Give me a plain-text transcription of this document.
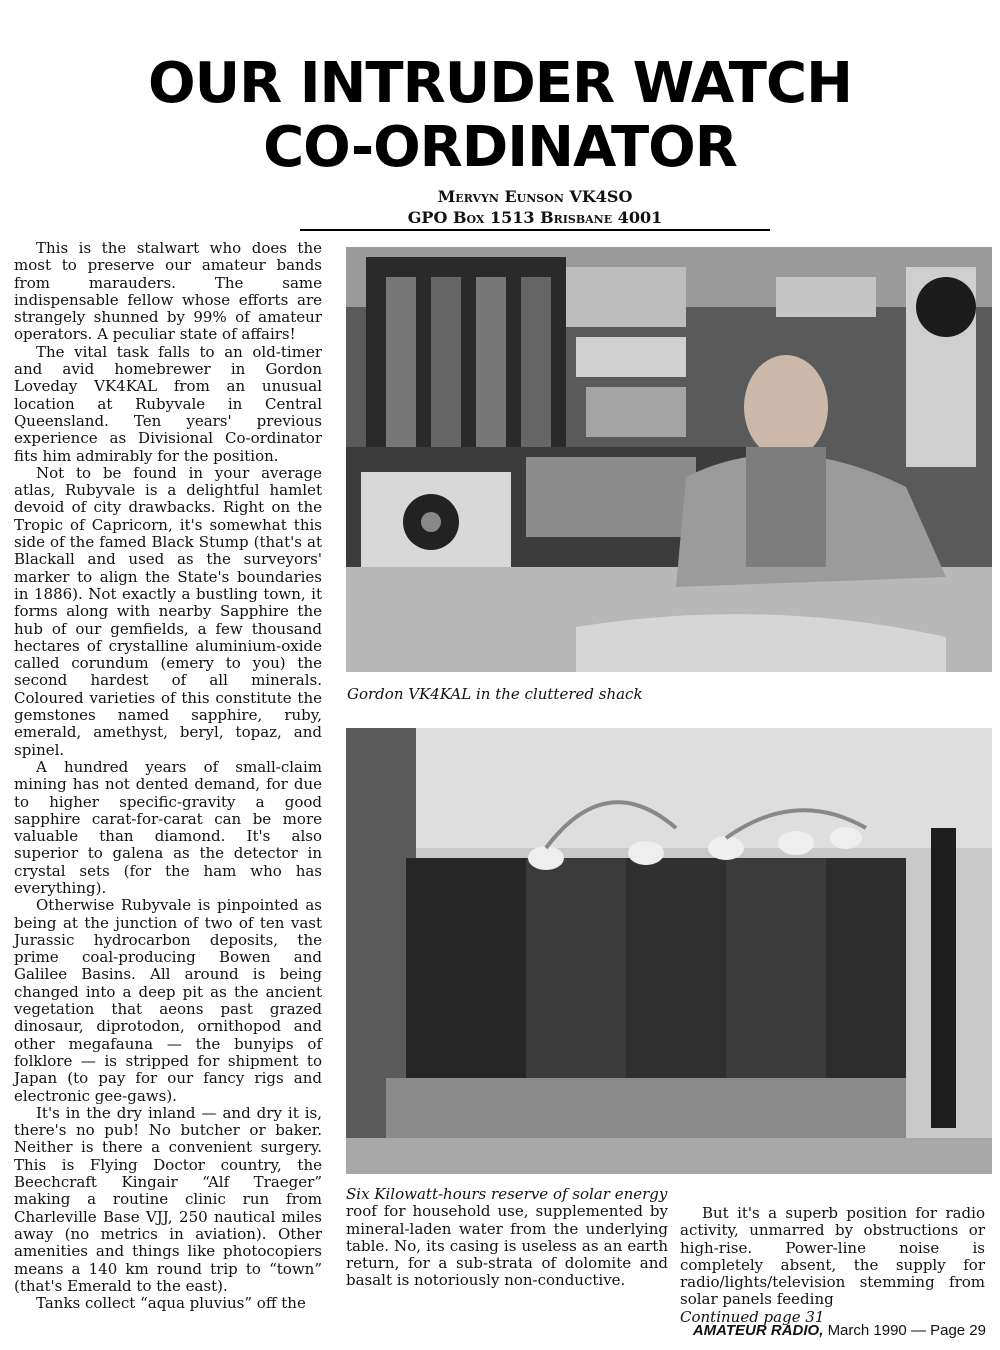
OUR INTRUDER WATCH
CO-ORDINATOR
Mervyn Eunson VK4SO
GPO Box 1513 Brisbane 4001

This is the stalwart who does the most to preserve our amateur bands from marauders. The same indispensable fellow whose efforts are strangely shunned by 99% of amateur operators. A peculiar state of affairs!

The vital task falls to an old-timer and avid homebrewer in Gordon Loveday VK4KAL from an unusual location at Rubyvale in Central Queensland. Ten years' previous experience as Divisional Co-ordinator fits him admirably for the position.

Not to be found in your average atlas, Rubyvale is a delightful hamlet devoid of city drawbacks. Right on the Tropic of Capricorn, it's somewhat this side of the famed Black Stump (that's at Blackall and used as the surveyors' marker to align the State's boundaries in 1886). Not exactly a bustling town, it forms along with nearby Sapphire the hub of our gemfields, a few thousand hectares of crystalline aluminium-oxide called corundum (emery to you) the second hardest of all minerals. Coloured varieties of this constitute the gemstones named sapphire, ruby, emerald, amethyst, beryl, topaz, and spinel.

A hundred years of small-claim mining has not dented demand, for due to higher specific-gravity a good sapphire carat-for-carat can be more valuable than diamond. It's also superior to galena as the detector in crystal sets (for the ham who has everything).

Otherwise Rubyvale is pinpointed as being at the junction of two of ten vast Jurassic hydrocarbon deposits, the prime coal-producing Bowen and Galilee Basins. All around is being changed into a deep pit as the ancient vegetation that aeons past grazed dinosaur, diprotodon, ornithopod and other megafauna — the bunyips of folklore — is stripped for shipment to Japan (to pay for our fancy rigs and electronic gee-gaws).

It's in the dry inland — and dry it is, there's no pub! No butcher or baker. Neither is there a convenient surgery. This is Flying Doctor country, the Beechcraft Kingair “Alf Traeger” making a routine clinic run from Charleville Base VJJ, 250 nautical miles away (no metrics in aviation). Other amenities and things like photocopiers means a 140 km round trip to “town” (that's Emerald to the east).

Tanks collect “aqua pluvius” off the

Gordon VK4KAL in the cluttered shack
Six Kilowatt-hours reserve of solar energy
roof for household use, supplemented by mineral-laden water from the underlying table. No, its casing is useless as an earth return, for a sub-strata of dolomite and basalt is notoriously non-conductive.

But it's a superb position for radio activity, unmarred by obstructions or high-rise. Power-line noise is completely absent, the supply for radio/lights/television stemming from solar panels feeding

Continued page 31
AMATEUR RADIO, March 1990 — Page 29
